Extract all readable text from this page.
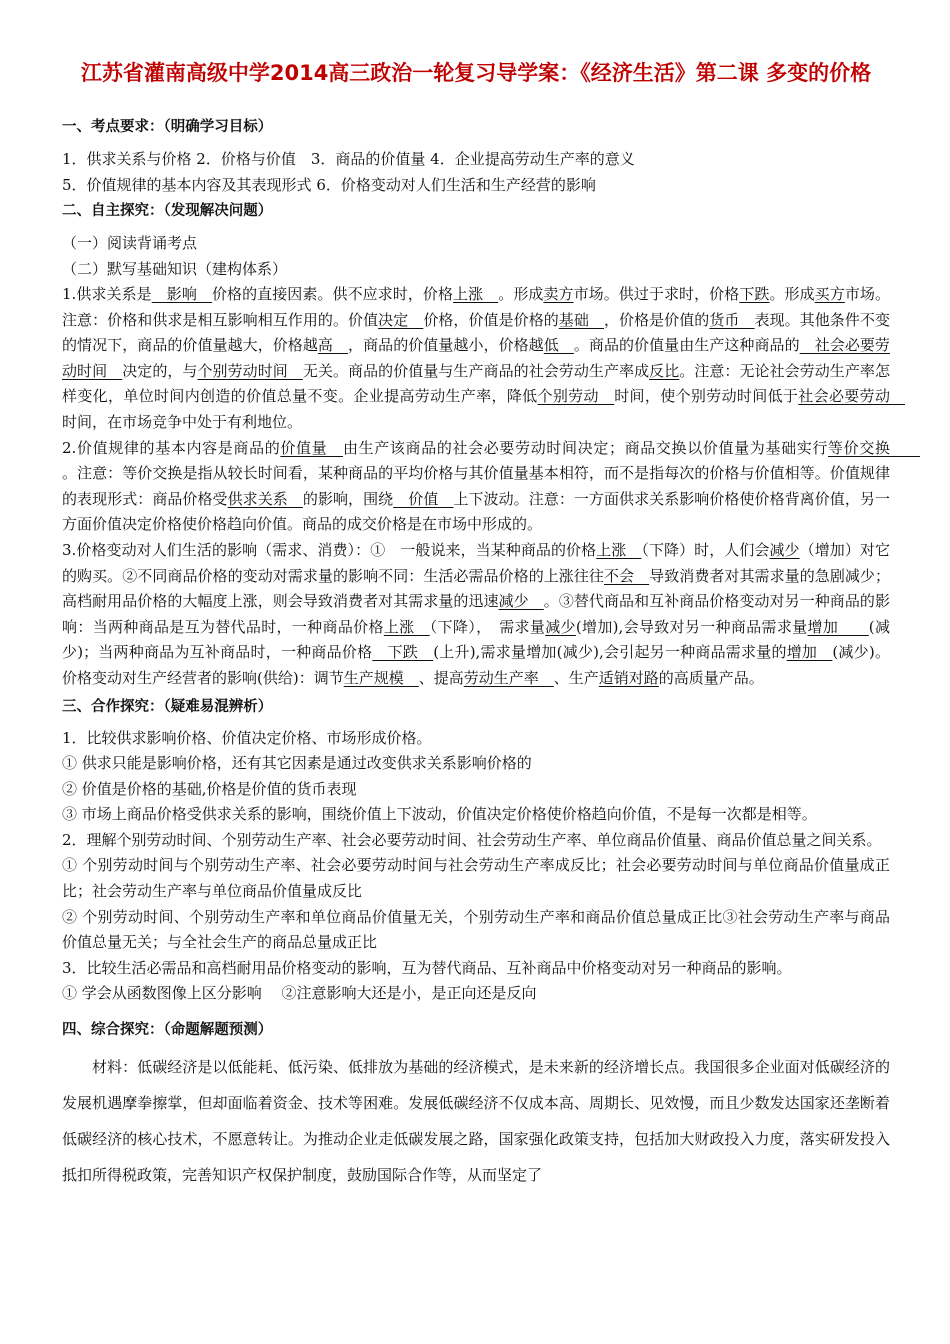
江苏省灌南高级中学2014高三政治一轮复习导学案：《经济生活》第二课 多变的价格

一、考点要求：（明确学习目标）

1．供求关系与价格 2．价格与价值　3．商品的价值量 4．企业提高劳动生产率的意义

5．价值规律的基本内容及其表现形式 6．价格变动对人们生活和生产经营的影响

二、自主探究：（发现解决问题）

（一）阅读背诵考点

（二）默写基础知识（建构体系）

1.供求关系是　影响　价格的直接因素。供不应求时，价格上涨　。形成卖方市场。供过于求时，价格下跌。形成买方市场。注意：价格和供求是相互影响相互作用的。价值决定　价格，价值是价格的基础　，价格是价值的货币　表现。其他条件不变的情况下，商品的价值量越大，价格越高　，商品的价值量越小，价格越低　。商品的价值量由生产这种商品的　社会必要劳动时间　决定的，与个别劳动时间　无关。商品的价值量与生产商品的社会劳动生产率成反比。注意：无论社会劳动生产率怎样变化，单位时间内创造的价值总量不变。企业提高劳动生产率，降低个别劳动　时间，使个别劳动时间低于社会必要劳动　时间，在市场竞争中处于有利地位。

2.价值规律的基本内容是商品的价值量　由生产该商品的社会必要劳动时间决定；商品交换以价值量为基础实行等价交换　　。注意：等价交换是指从较长时间看，某种商品的平均价格与其价值量基本相符，而不是指每次的价格与价值相等。价值规律的表现形式：商品价格受供求关系　的影响，围绕　价值　上下波动。注意：一方面供求关系影响价格使价格背离价值，另一方面价值决定价格使价格趋向价值。商品的成交价格是在市场中形成的。

3.价格变动对人们生活的影响（需求、消费）：①　一般说来，当某种商品的价格上涨　（下降）时，人们会减少（增加）对它的购买。②不同商品价格的变动对需求量的影响不同：生活必需品价格的上涨往往不会　导致消费者对其需求量的急剧减少；高档耐用品价格的大幅度上涨，则会导致消费者对其需求量的迅速减少　。③替代商品和互补商品价格变动对另一种商品的影响：当两种商品是互为替代品时，一种商品价格上涨　（下降），　需求量减少(增加),会导致对另一种商品需求量增加　　(减少)；当两种商品为互补商品时，一种商品价格　下跌　(上升),需求量增加(减少),会引起另一种商品需求量的增加　(减少)。价格变动对生产经营者的影响(供给)：调节生产规模　、提高劳动生产率　、生产适销对路的高质量产品。

三、合作探究：（疑难易混辨析）

1．比较供求影响价格、价值决定价格、市场形成价格。

① 供求只能是影响价格，还有其它因素是通过改变供求关系影响价格的

② 价值是价格的基础,价格是价值的货币表现

③ 市场上商品价格受供求关系的影响，围绕价值上下波动，价值决定价格使价格趋向价值，不是每一次都是相等。

2．理解个别劳动时间、个别劳动生产率、社会必要劳动时间、社会劳动生产率、单位商品价值量、商品价值总量之间关系。

① 个别劳动时间与个别劳动生产率、社会必要劳动时间与社会劳动生产率成反比；社会必要劳动时间与单位商品价值量成正比；社会劳动生产率与单位商品价值量成反比

② 个别劳动时间、个别劳动生产率和单位商品价值量无关，个别劳动生产率和商品价值总量成正比③社会劳动生产率与商品价值总量无关；与全社会生产的商品总量成正比

3．比较生活必需品和高档耐用品价格变动的影响，互为替代商品、互补商品中价格变动对另一种商品的影响。

① 学会从函数图像上区分影响　 ②注意影响大还是小，是正向还是反向

四、综合探究：（命题解题预测）

材料：低碳经济是以低能耗、低污染、低排放为基础的经济模式，是未来新的经济增长点。我国很多企业面对低碳经济的发展机遇摩拳擦掌，但却面临着资金、技术等困难。发展低碳经济不仅成本高、周期长、见效慢，而且少数发达国家还垄断着低碳经济的核心技术，不愿意转让。为推动企业走低碳发展之路，国家强化政策支持，包括加大财政投入力度，落实研发投入抵扣所得税政策，完善知识产权保护制度，鼓励国际合作等，从而坚定了
